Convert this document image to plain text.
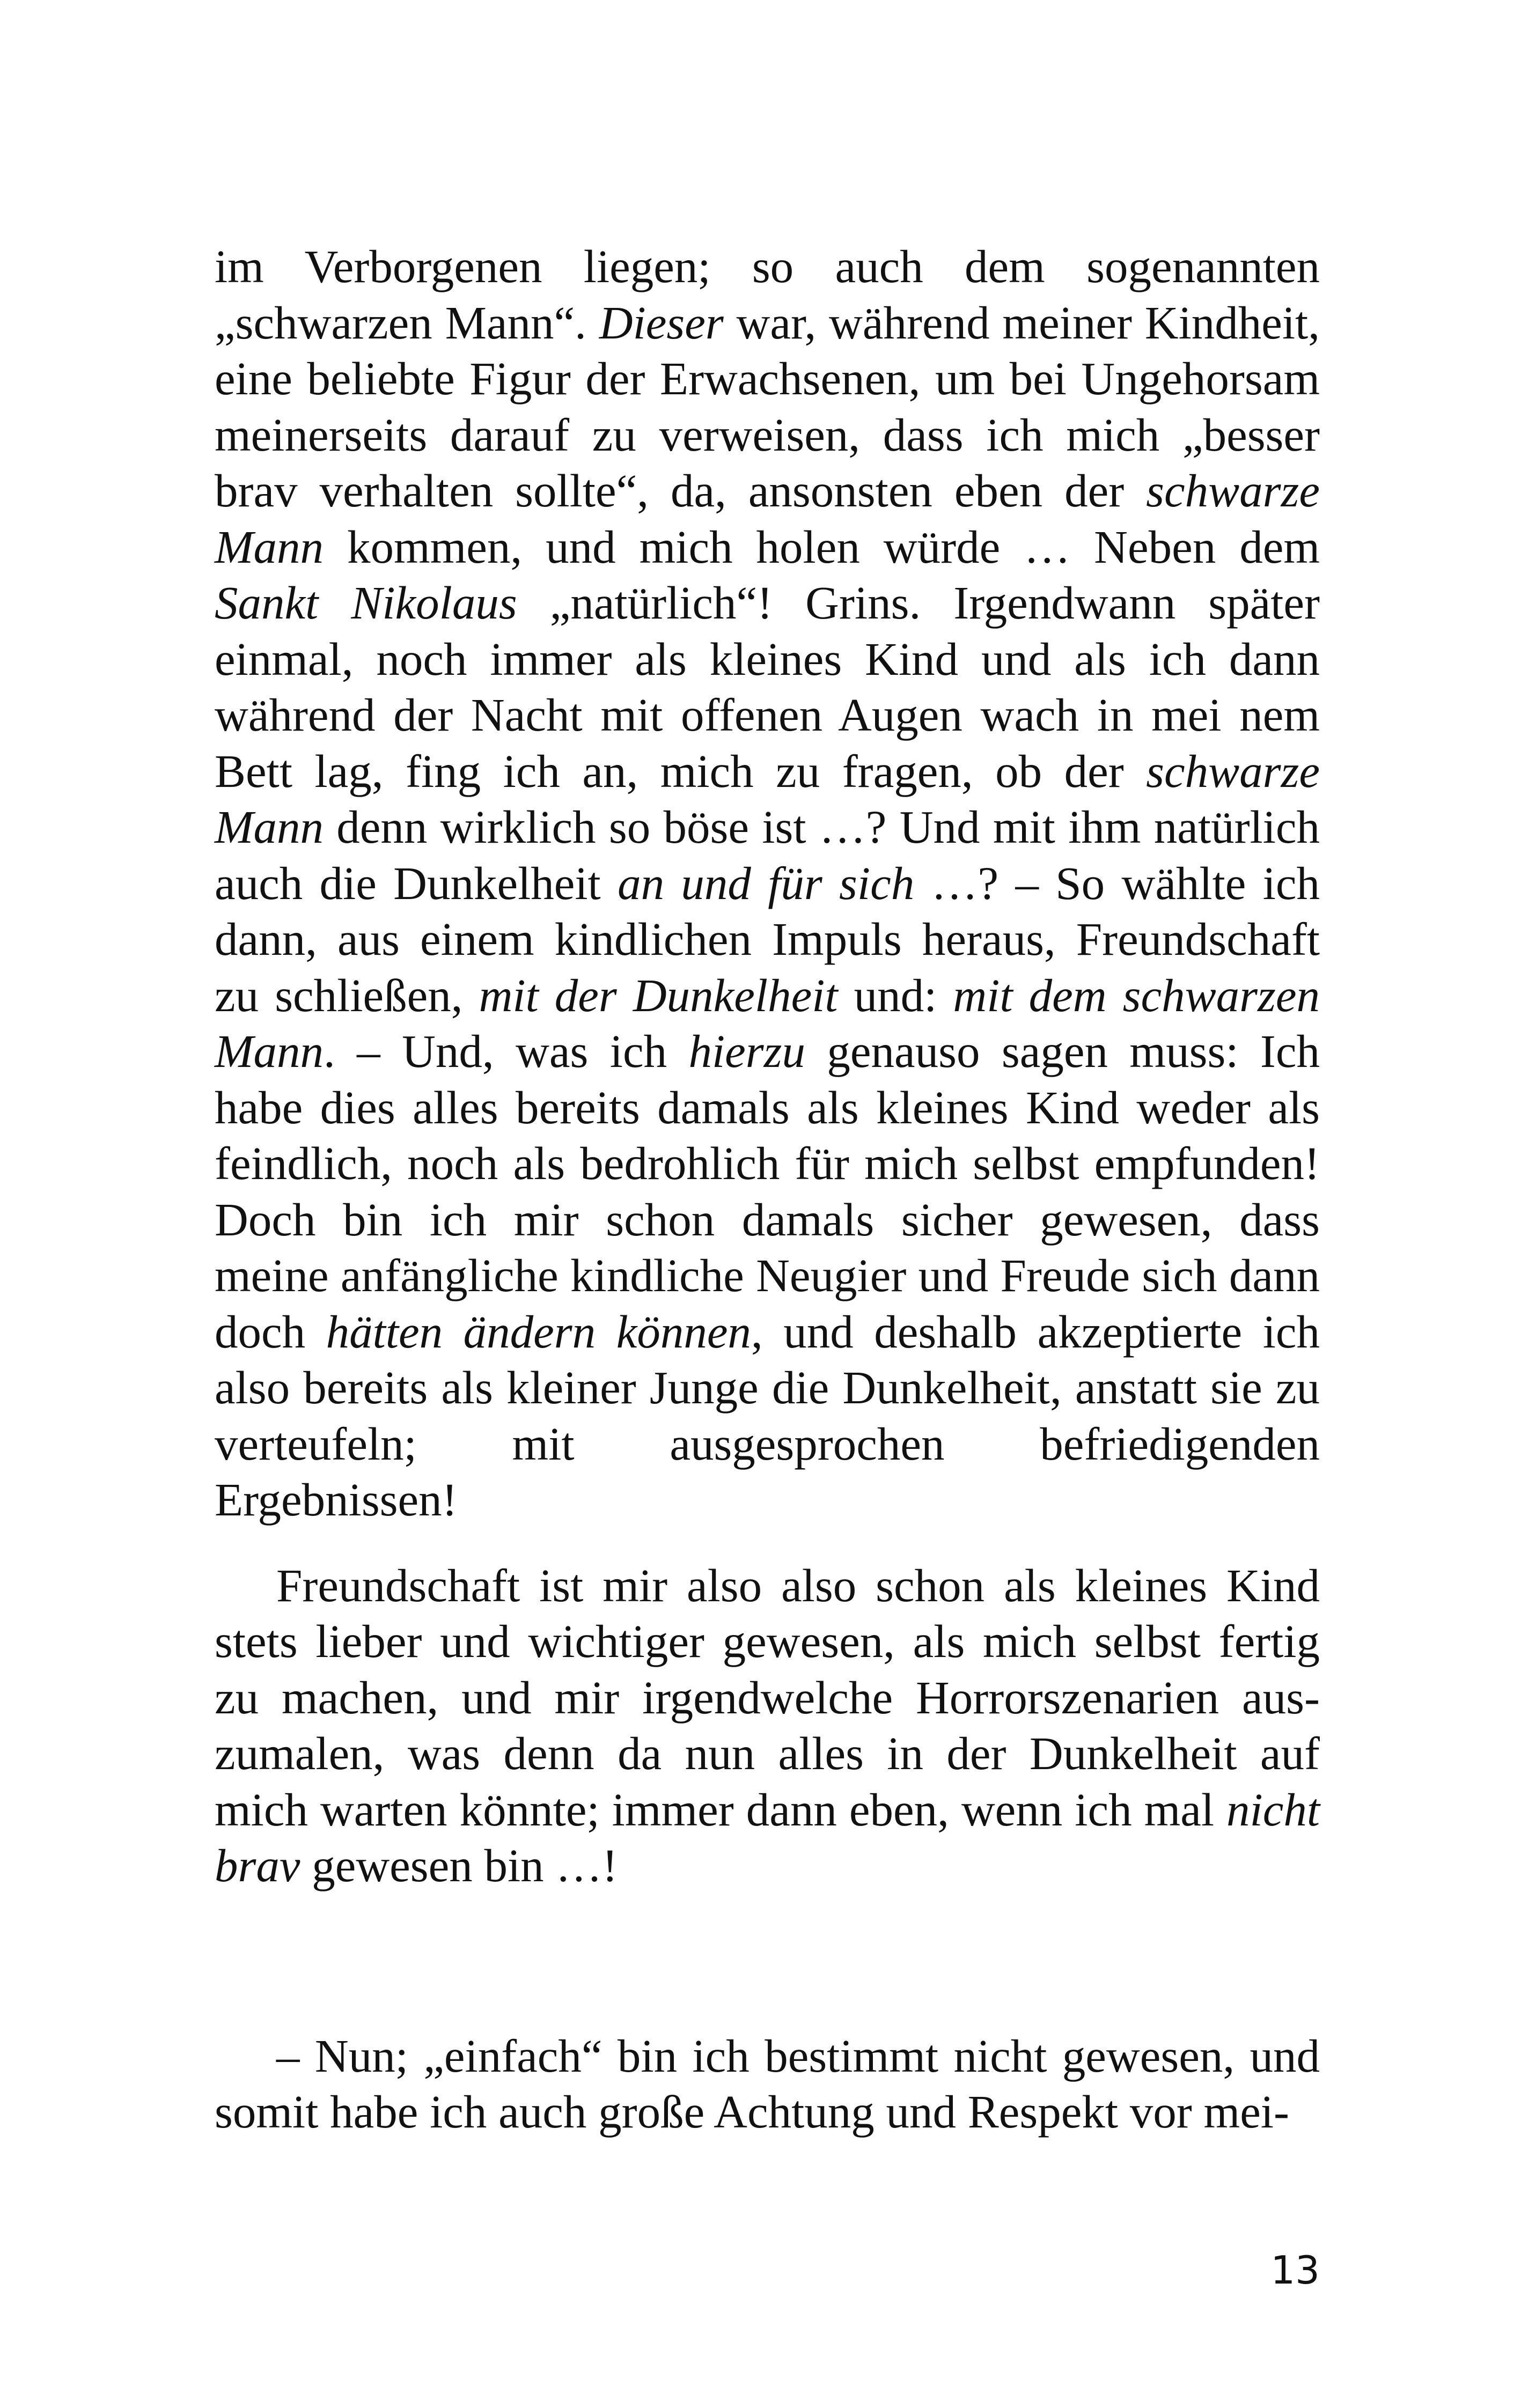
im Verborgenen liegen; so auch dem sogenannten „schwarzen Mann“. Dieser war, während meiner Kindheit, eine beliebte Figur der Erwachsenen, um bei Ungehorsam meinerseits darauf zu verweisen, dass ich mich „besser brav verhalten sollte“, da, ansonsten eben der schwarze Mann kommen, und mich holen würde … Neben dem Sankt Nikolaus „natürlich“! Grins. Irgendwann später einmal, noch immer als kleines Kind und als ich dann während der Nacht mit offenen Augen wach in mei nem Bett lag, fing ich an, mich zu fragen, ob der schwarze Mann denn wirklich so böse ist …? Und mit ihm natürlich auch die Dunkelheit an und für sich …? – So wählte ich dann, aus einem kindlichen Impuls heraus, Freundschaft zu schließen, mit der Dunkelheit und: mit dem schwarzen Mann. – Und, was ich hierzu genauso sagen muss: Ich habe dies alles bereits damals als kleines Kind weder als feindlich, noch als bedrohlich für mich selbst empfunden! Doch bin ich mir schon damals sicher gewesen, dass meine anfängliche kindliche Neugier und Freude sich dann doch hätten ändern können, und deshalb akzeptierte ich also bereits als kleiner Junge die Dunkelheit, anstatt sie zu verteufeln; mit ausgesprochen befriedigenden Ergebnissen!

Freundschaft ist mir also also schon als kleines Kind stets lieber und wichtiger gewesen, als mich selbst fertig zu machen, und mir irgendwelche Horrorszenarien auszumalen, was denn da nun alles in der Dunkelheit auf mich warten könnte; immer dann eben, wenn ich mal nicht brav gewesen bin …!

– Nun; „einfach“ bin ich bestimmt nicht gewesen, und somit habe ich auch große Achtung und Respekt vor mei-

13
